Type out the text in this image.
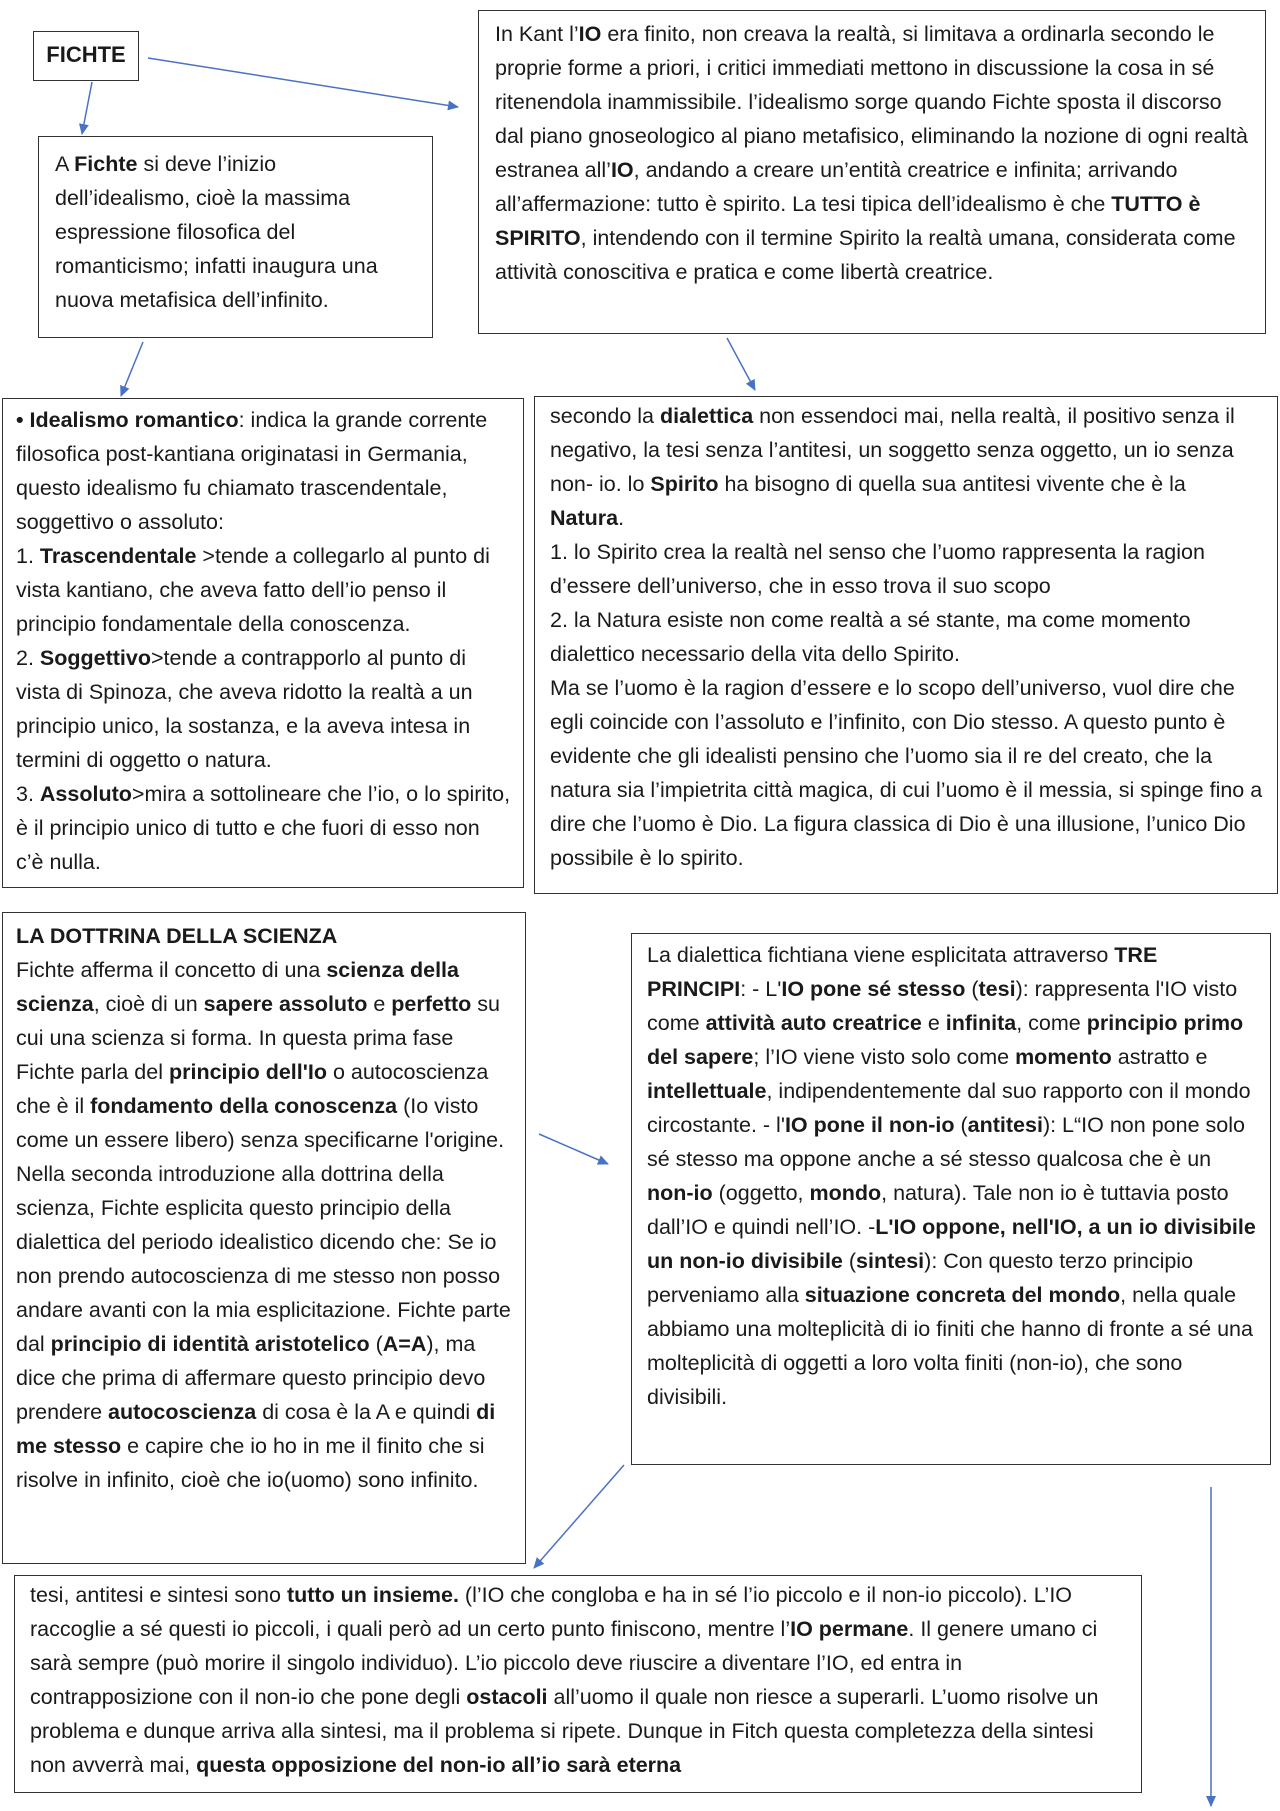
FICHTE

A Fichte si deve l’inizio dell’idealismo, cioè la massima espressione filosofica del romanticismo; infatti inaugura una nuova metafisica dell’infinito.

In Kant l’IO era finito, non creava la realtà, si limitava a ordinarla secondo le proprie forme a priori, i critici immediati mettono in discussione la cosa in sé ritenendola inammissibile. l’idealismo sorge quando Fichte sposta il discorso dal piano gnoseologico al piano metafisico, eliminando la nozione di ogni realtà estranea all’IO, andando a creare un’entità creatrice e infinita; arrivando all’affermazione: tutto è spirito. La tesi tipica dell’idealismo è che TUTTO è SPIRITO, intendendo con il termine Spirito la realtà umana, considerata come attività conoscitiva e pratica e come libertà creatrice.

• Idealismo romantico: indica la grande corrente filosofica post-kantiana originatasi in Germania, questo idealismo fu chiamato trascendentale, soggettivo o assoluto:

1. Trascendentale >tende a collegarlo al punto di vista kantiano, che aveva fatto dell’io penso il principio fondamentale della conoscenza.

2. Soggettivo>tende a contrapporlo al punto di vista di Spinoza, che aveva ridotto la realtà a un principio unico, la sostanza, e la aveva intesa in termini di oggetto o natura.

3. Assoluto>mira a sottolineare che l’io, o lo spirito, è il principio unico di tutto e che fuori di esso non c’è nulla.

secondo la dialettica non essendoci mai, nella realtà, il positivo senza il negativo, la tesi senza l’antitesi, un soggetto senza oggetto, un io senza non- io. lo Spirito ha bisogno di quella sua antitesi vivente che è la Natura.

1. lo Spirito crea la realtà nel senso che l’uomo rappresenta la ragion d’essere dell’universo, che in esso trova il suo scopo

2. la Natura esiste non come realtà a sé stante, ma come momento dialettico necessario della vita dello Spirito.

Ma se l’uomo è la ragion d’essere e lo scopo dell’universo, vuol dire che egli coincide con l’assoluto e l’infinito, con Dio stesso. A questo punto è evidente che gli idealisti pensino che l’uomo sia il re del creato, che la natura sia l’impietrita città magica, di cui l’uomo è il messia, si spinge fino a dire che l’uomo è Dio. La figura classica di Dio è una illusione, l’unico Dio possibile è lo spirito.

LA DOTTRINA DELLA SCIENZA

Fichte afferma il concetto di una scienza della scienza, cioè di un sapere assoluto e perfetto su cui una scienza si forma. In questa prima fase Fichte parla del principio dell'Io o autocoscienza che è il fondamento della conoscenza (Io visto come un essere libero) senza specificarne l'origine. Nella seconda introduzione alla dottrina della scienza, Fichte esplicita questo principio della dialettica del periodo idealistico dicendo che: Se io non prendo autocoscienza di me stesso non posso andare avanti con la mia esplicitazione. Fichte parte dal principio di identità aristotelico (A=A), ma dice che prima di affermare questo principio devo prendere autocoscienza di cosa è la A e quindi di me stesso e capire che io ho in me il finito che si risolve in infinito, cioè che io(uomo) sono infinito.

La dialettica fichtiana viene esplicitata attraverso TRE PRINCIPI: - L'IO pone sé stesso (tesi): rappresenta l'IO visto come attività auto creatrice e infinita, come principio primo del sapere; l’IO viene visto solo come momento astratto e intellettuale, indipendentemente dal suo rapporto con il mondo circostante. - l'IO pone il non-io (antitesi): L“IO non pone solo sé stesso ma oppone anche a sé stesso qualcosa che è un non-io (oggetto, mondo, natura). Tale non io è tuttavia posto dall’IO e quindi nell’IO. -L'IO oppone, nell'IO, a un io divisibile un non-io divisibile (sintesi): Con questo terzo principio perveniamo alla situazione concreta del mondo, nella quale abbiamo una molteplicità di io finiti che hanno di fronte a sé una molteplicità di oggetti a loro volta finiti (non-io), che sono divisibili.

tesi, antitesi e sintesi sono tutto un insieme. (l’IO che congloba e ha in sé l’io piccolo e il non-io piccolo). L’IO raccoglie a sé questi io piccoli, i quali però ad un certo punto finiscono, mentre l’IO permane. Il genere umano ci sarà sempre (può morire il singolo individuo). L’io piccolo deve riuscire a diventare l’IO, ed entra in contrapposizione con il non-io che pone degli ostacoli all’uomo il quale non riesce a superarli. L’uomo risolve un problema e dunque arriva alla sintesi, ma il problema si ripete. Dunque in Fitch questa completezza della sintesi non avverrà mai, questa opposizione del non-io all’io sarà eterna
